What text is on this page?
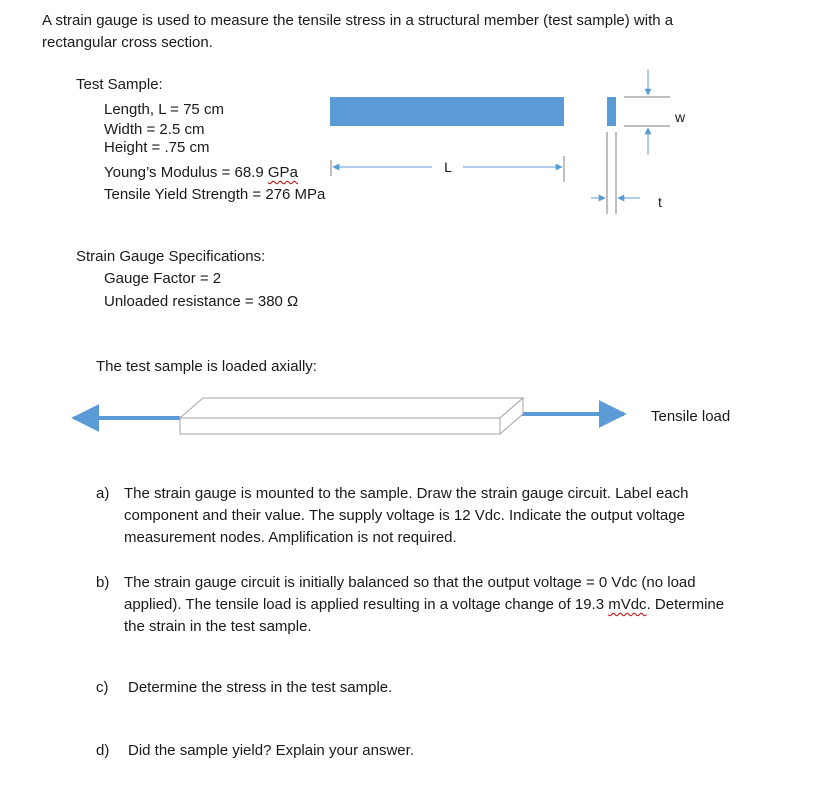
A strain gauge is used to measure the tensile stress in a structural member (test sample) with a
rectangular cross section.
Test Sample:
Length, L = 75 cm
Width = 2.5 cm
Height = .75 cm
Young’s Modulus = 68.9 GPa
Tensile Yield Strength = 276 MPa
L
w
t
Tensile load
Strain Gauge Specifications:
Gauge Factor = 2
Unloaded resistance = 380 Ω
The test sample is loaded axially:
a) The strain gauge is mounted to the sample. Draw the strain gauge circuit. Label each
component and their value. The supply voltage is 12 Vdc. Indicate the output voltage
measurement nodes. Amplification is not required.
b) The strain gauge circuit is initially balanced so that the output voltage = 0 Vdc (no load
applied). The tensile load is applied resulting in a voltage change of 19.3 mVdc. Determine
the strain in the test sample.
c) Determine the stress in the test sample.
d) Did the sample yield? Explain your answer.
